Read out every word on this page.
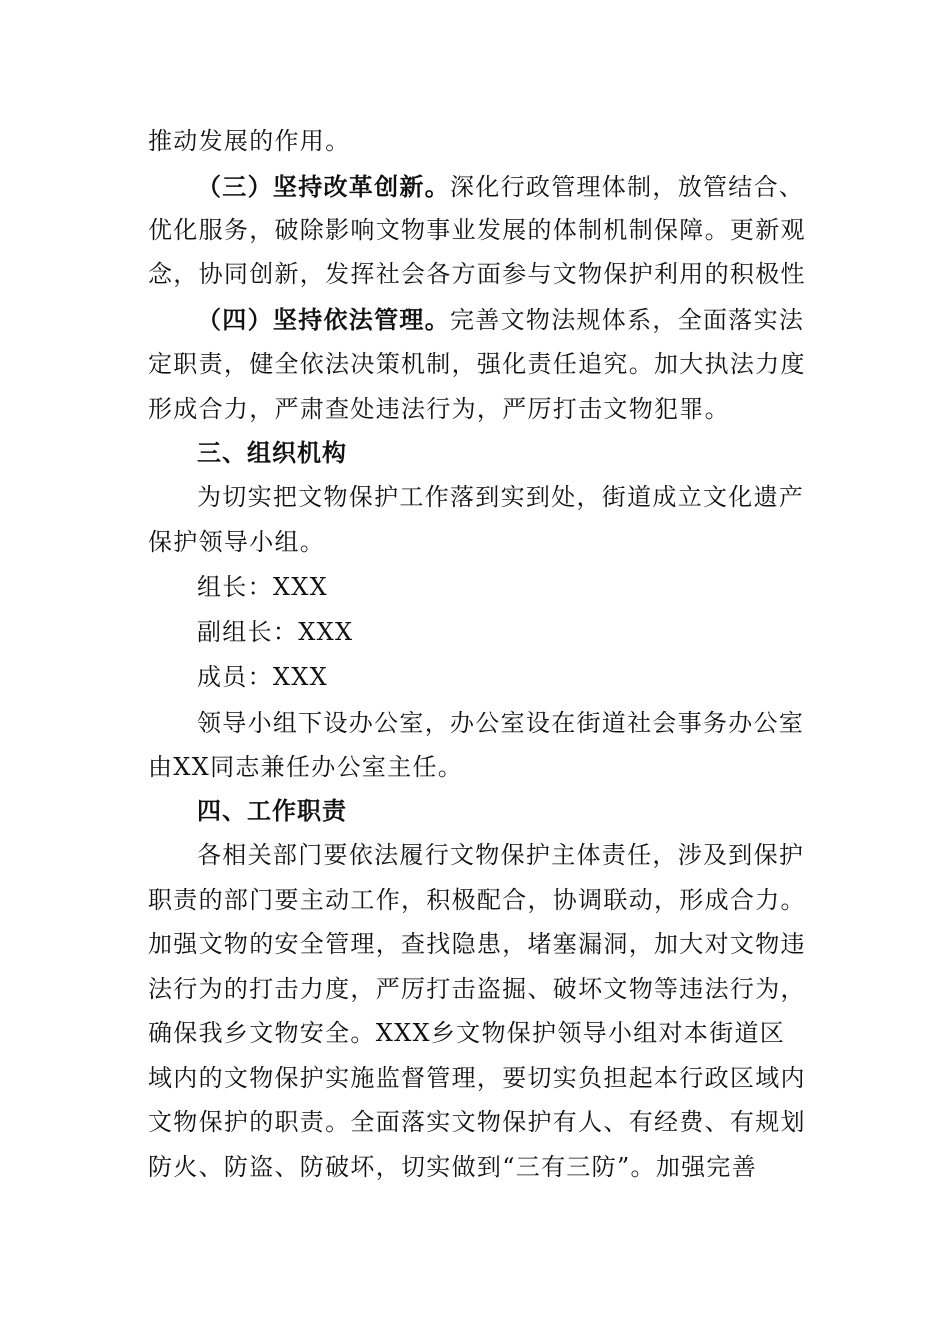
推动发展的作用。
（三）坚持改革创新。深化行政管理体制，放管结合、
优化服务，破除影响文物事业发展的体制机制保障。更新观
念，协同创新，发挥社会各方面参与文物保护利用的积极性
（四）坚持依法管理。完善文物法规体系，全面落实法
定职责，健全依法决策机制，强化责任追究。加大执法力度
形成合力，严肃查处违法行为，严厉打击文物犯罪。
三、组织机构
为切实把文物保护工作落到实到处，街道成立文化遗产
保护领导小组。
组长：XXX
副组长：XXX
成员：XXX
领导小组下设办公室，办公室设在街道社会事务办公室
由XX同志兼任办公室主任。
四、工作职责
各相关部门要依法履行文物保护主体责任，涉及到保护
职责的部门要主动工作，积极配合，协调联动，形成合力。
加强文物的安全管理，查找隐患，堵塞漏洞，加大对文物违
法行为的打击力度，严厉打击盗掘、破坏文物等违法行为，
确保我乡文物安全。XXX乡文物保护领导小组对本街道区
域内的文物保护实施监督管理，要切实负担起本行政区域内
文物保护的职责。全面落实文物保护有人、有经费、有规划
防火、防盗、防破坏，切实做到“三有三防”。加强完善
